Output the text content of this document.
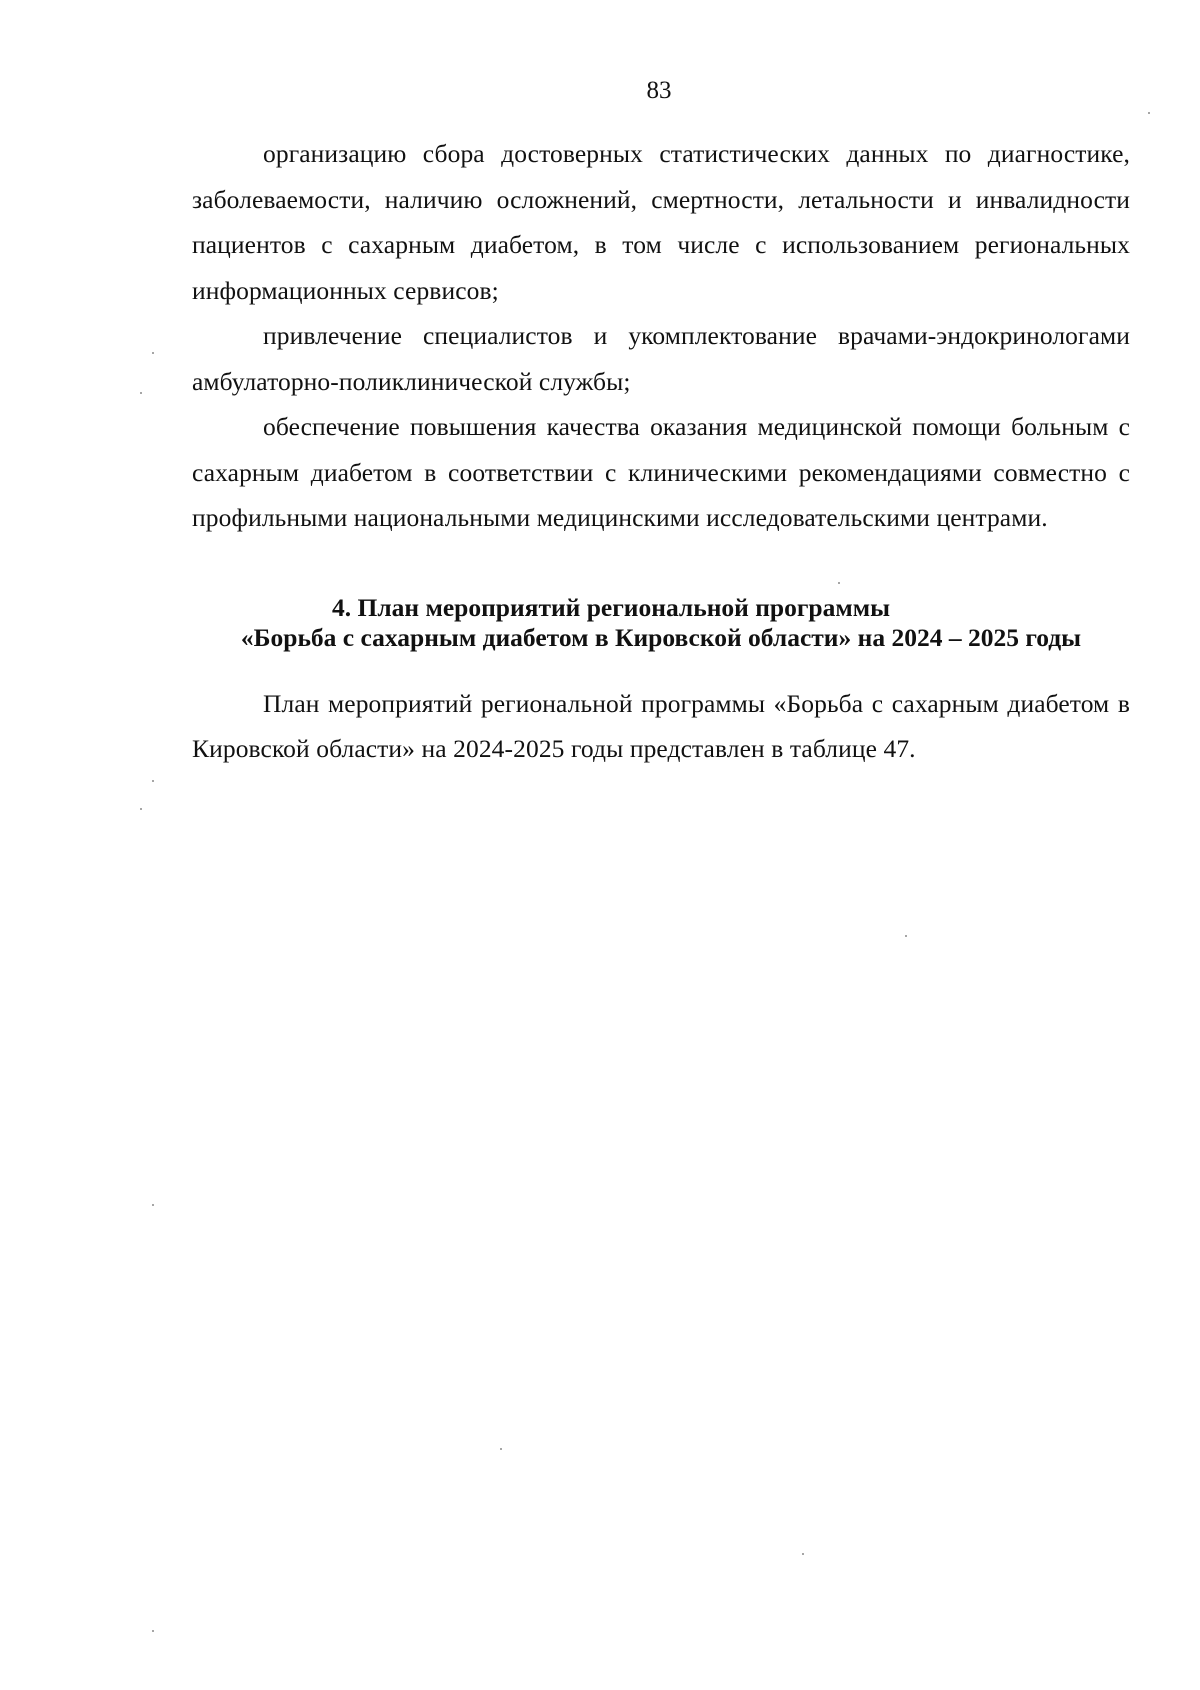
83

организацию сбора достоверных статистических данных по диагностике, заболеваемости, наличию осложнений, смертности, летальности и инвалидности пациентов с сахарным диабетом, в том числе с использованием региональных информационных сервисов;

привлечение специалистов и укомплектование врачами-эндокринологами амбулаторно-поликлинической службы;

обеспечение повышения качества оказания медицинской помощи больным с сахарным диабетом в соответствии с клиническими рекомендациями совместно с профильными национальными медицинскими исследовательскими центрами.

4. План мероприятий региональной программы
«Борьба с сахарным диабетом в Кировской области» на 2024 – 2025 годы

План мероприятий региональной программы «Борьба с сахарным диабетом в Кировской области» на 2024-2025 годы представлен в таблице 47.
